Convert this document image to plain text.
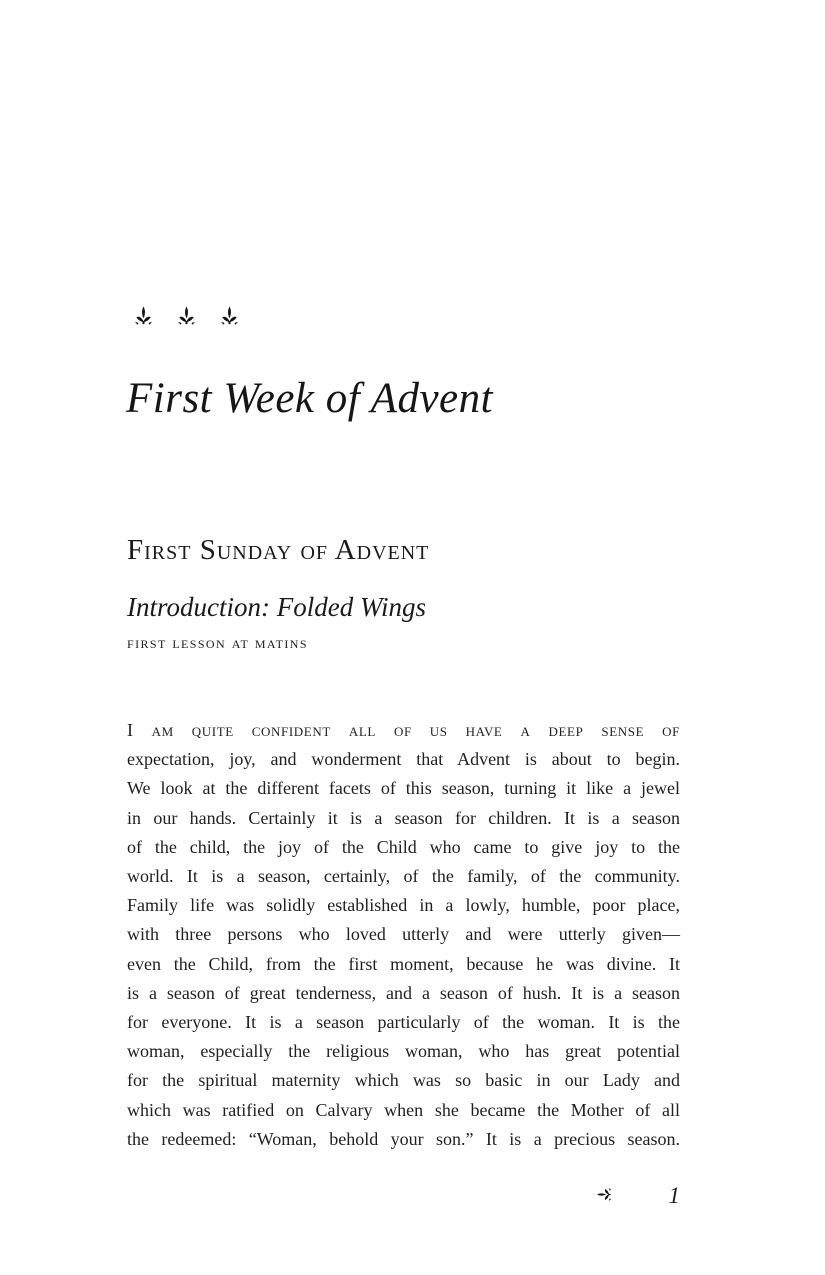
First Week of Advent
First Sunday of Advent
Introduction: Folded Wings
first lesson at matins
I am quite confident all of us have a deep sense of
expectation, joy, and wonderment that Advent is about to begin.
We look at the different facets of this season, turning it like a jewel
in our hands. Certainly it is a season for children. It is a season
of the child, the joy of the Child who came to give joy to the
world. It is a season, certainly, of the family, of the community.
Family life was solidly established in a lowly, humble, poor place,
with three persons who loved utterly and were utterly given—
even the Child, from the first moment, because he was divine. It
is a season of great tenderness, and a season of hush. It is a season
for everyone. It is a season particularly of the woman. It is the
woman, especially the religious woman, who has great potential
for the spiritual maternity which was so basic in our Lady and
which was ratified on Calvary when she became the Mother of all
the redeemed: “Woman, behold your son.” It is a precious season.
1
